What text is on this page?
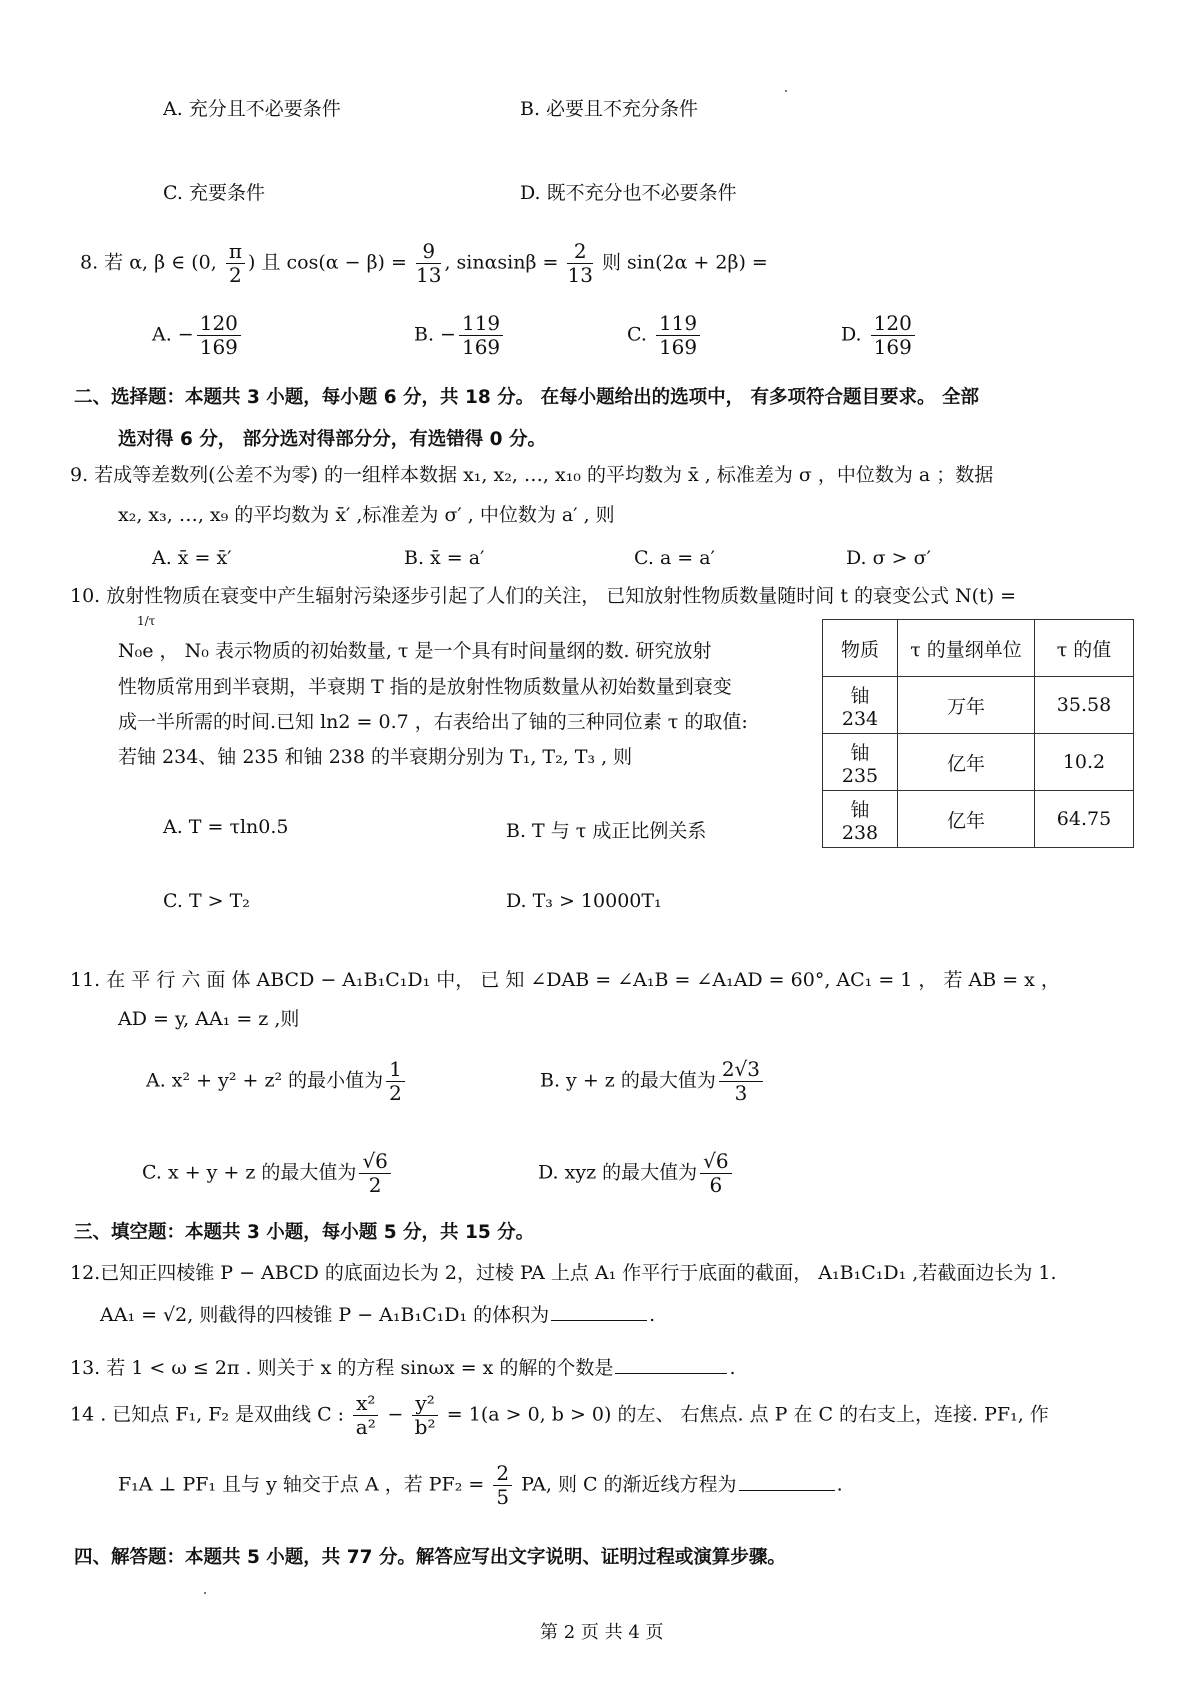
A. 充分且不必要条件	B. 必要且不充分条件
C. 充要条件	D. 既不充分也不必要条件
8. 若 α, β ∈ (0, $\frac{\pi}{2}$ ) 且 $\cos(\alpha - \beta) = \frac{9}{13}$ , $\sin\alpha\sin\beta = \frac{2}{13}$ 则 sin(2α + 2β) =
A. − $\frac{120}{169}$	B. − $\frac{119}{169}$	C. $\frac{119}{169}$	D. $\frac{120}{169}$
二、选择题：本题共 3 小题，每小题 6 分，共 18 分。 在每小题给出的选项中， 有多项符合题目要求。 全部
选对得 6 分， 部分选对得部分分，有选错得 0 分。
9. 若成等差数列(公差不为零) 的一组样本数据 x₁, x₂, …, x₁₀ 的平均数为 x̄ , 标准差为 σ ，中位数为 a ；数据
x₂, x₃, …, x₉ 的平均数为 x̄′ ,标准差为 σ′ , 中位数为 a′ , 则
A. x̄ = x̄′	B. x̄ = a′	C. a = a′	D. σ > σ′
10. 放射性物质在衰变中产生辐射污染逐步引起了人们的关注， 已知放射性物质数量随时间 t 的衰变公式 N(t) =
1/τ
N₀e ， N₀ 表示物质的初始数量, τ 是一个具有时间量纲的数. 研究放射
性物质常用到半衰期，半衰期 T 指的是放射性物质数量从初始数量到衰变
成一半所需的时间.已知 ln2 = 0.7 ，右表给出了铀的三种同位素 τ 的取值:
若铀 234、铀 235 和铀 238 的半衰期分别为 T₁, T₂, T₃ , 则
物质	τ 的量纲单位	τ 的值
铀 234	万年	35.58
铀 235	亿年	10.2
铀 238	亿年	64.75
A. T = τln0.5	B. T 与 τ 成正比例关系
C. T > T₂	D. T₃ > 10000T₁
11. 在 平 行 六 面 体 ABCD − A₁B₁C₁D₁ 中， 已 知 ∠DAB = ∠A₁B = ∠A₁AD = 60°, AC₁ = 1 ， 若 AB = x ，
AD = y, AA₁ = z ,则
A. x² + y² + z² 的最小值为 $\frac{1}{2}$	B. y + z 的最大值为 $\frac{2√3}{3}$
C. x + y + z 的最大值为 $\frac{√6}{2}$	D. xyz 的最大值为 $\frac{√6}{6}$
三、填空题：本题共 3 小题，每小题 5 分，共 15 分。
12.已知正四棱锥 P − ABCD 的底面边长为 2，过棱 PA 上点 A₁ 作平行于底面的截面， A₁B₁C₁D₁ ,若截面边长为 1.
AA₁ = √2, 则截得的四棱锥 P − A₁B₁C₁D₁ 的体积为	.
13. 若 1 < ω ≤ 2π . 则关于 x 的方程 sinωx = x 的解的个数是	.
14 . 已知点 F₁, F₂ 是双曲线 C : $\frac{\text{x²}}{\text{a²}} - \frac{\text{y²}}{\text{b²}} = 1(a > 0$, b > 0) 的左、 右焦点. 点 P 在 C 的右支上，连接. PF₁, 作
F₁A ⊥ PF₁ 且与 y 轴交于点 A ，若 $PF_2 = \frac{2}{5}$ PA, 则 C 的渐近线方程为	.
四、解答题：本题共 5 小题，共 77 分。解答应写出文字说明、证明过程或演算步骤。
第 2 页 共 4 页
